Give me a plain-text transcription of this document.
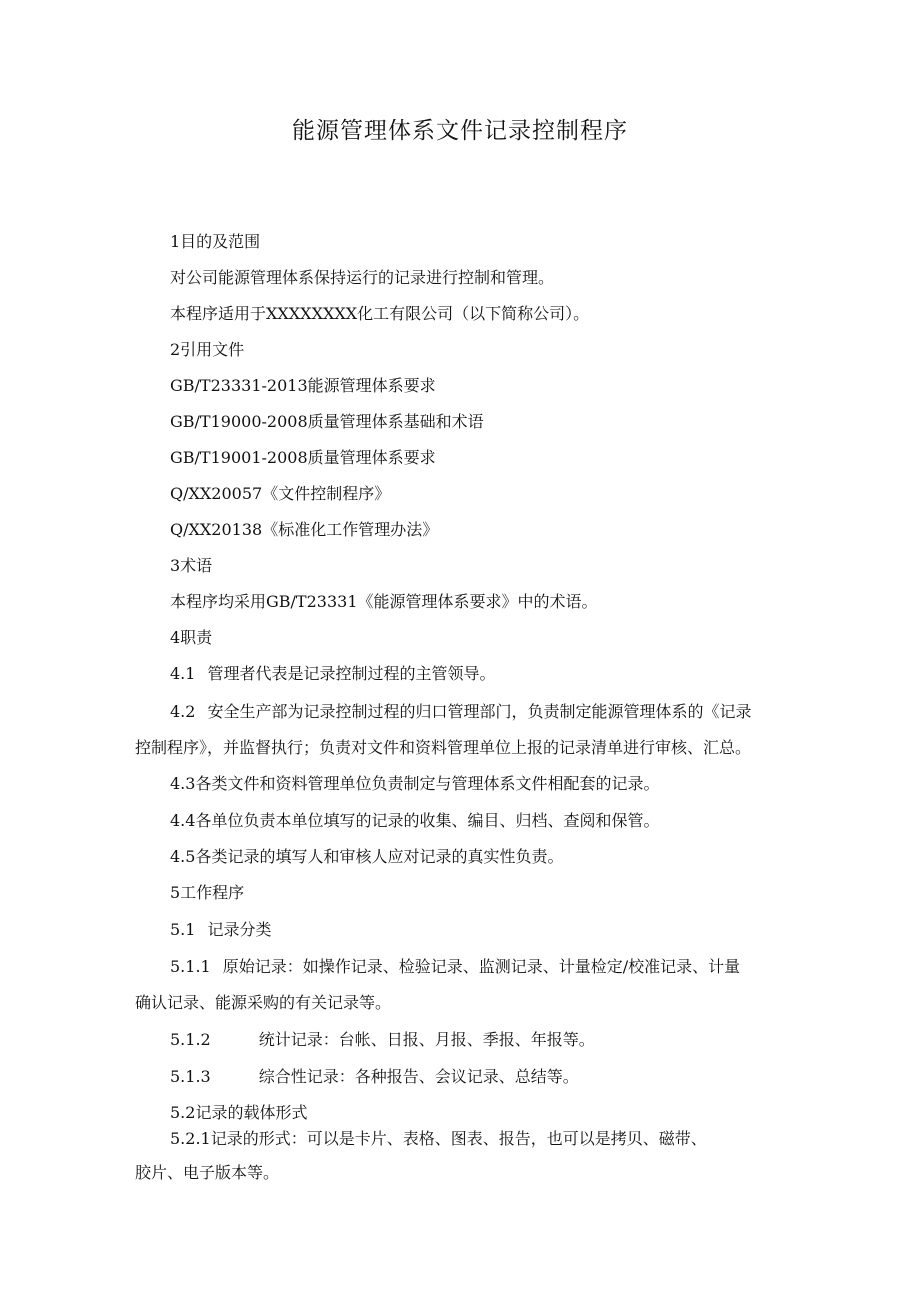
能源管理体系文件记录控制程序

1目的及范围

对公司能源管理体系保持运行的记录进行控制和管理。

本程序适用于XXXXXXXX化工有限公司（以下简称公司）。

2引用文件

GB/T23331-2013能源管理体系要求

GB/T19000-2008质量管理体系基础和术语

GB/T19001-2008质量管理体系要求

Q/XX20057《文件控制程序》

Q/XX20138《标准化工作管理办法》

3术语

本程序均采用GB/T23331《能源管理体系要求》中的术语。

4职责

4.1 管理者代表是记录控制过程的主管领导。

4.2 安全生产部为记录控制过程的归口管理部门，负责制定能源管理体系的《记录

控制程序》，并监督执行；负责对文件和资料管理单位上报的记录清单进行审核、汇总。

4.3各类文件和资料管理单位负责制定与管理体系文件相配套的记录。

4.4各单位负责本单位填写的记录的收集、编目、归档、查阅和保管。

4.5各类记录的填写人和审核人应对记录的真实性负责。

5工作程序

5.1 记录分类

5.1.1 原始记录：如操作记录、检验记录、监测记录、计量检定/校准记录、计量

确认记录、能源采购的有关记录等。

5.1.2	统计记录：台帐、日报、月报、季报、年报等。

5.1.3	综合性记录：各种报告、会议记录、总结等。

5.2记录的载体形式

5.2.1记录的形式：可以是卡片、表格、图表、报告，也可以是拷贝、磁带、

胶片、电子版本等。
